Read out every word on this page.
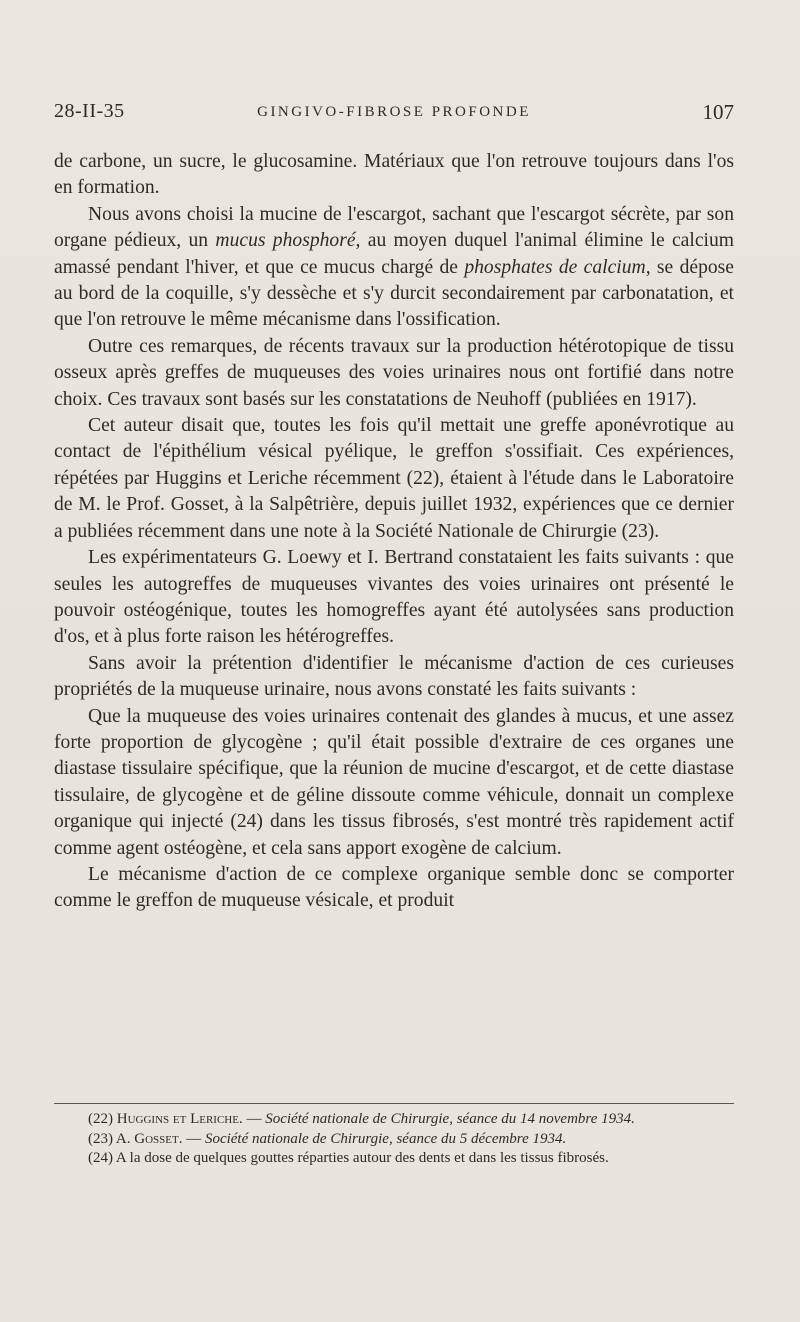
28-II-35	GINGIVO-FIBROSE PROFONDE	107

de carbone, un sucre, le glucosamine. Matériaux que l'on retrouve toujours dans l'os en formation.

Nous avons choisi la mucine de l'escargot, sachant que l'escargot sécrète, par son organe pédieux, un mucus phosphoré, au moyen duquel l'animal élimine le calcium amassé pendant l'hiver, et que ce mucus chargé de phosphates de calcium, se dépose au bord de la coquille, s'y dessèche et s'y durcit secondairement par carbonatation, et que l'on retrouve le même mécanisme dans l'ossification.

Outre ces remarques, de récents travaux sur la production hétérotopique de tissu osseux après greffes de muqueuses des voies urinaires nous ont fortifié dans notre choix. Ces travaux sont basés sur les constatations de Neuhoff (publiées en 1917).

Cet auteur disait que, toutes les fois qu'il mettait une greffe aponévrotique au contact de l'épithélium vésical pyélique, le greffon s'ossifiait. Ces expériences, répétées par Huggins et Leriche récemment (22), étaient à l'étude dans le Laboratoire de M. le Prof. Gosset, à la Salpêtrière, depuis juillet 1932, expériences que ce dernier a publiées récemment dans une note à la Société Nationale de Chirurgie (23).

Les expérimentateurs G. Loewy et I. Bertrand constataient les faits suivants : que seules les autogreffes de muqueuses vivantes des voies urinaires ont présenté le pouvoir ostéogénique, toutes les homogreffes ayant été autolysées sans production d'os, et à plus forte raison les hétérogreffes.

Sans avoir la prétention d'identifier le mécanisme d'action de ces curieuses propriétés de la muqueuse urinaire, nous avons constaté les faits suivants :

Que la muqueuse des voies urinaires contenait des glandes à mucus, et une assez forte proportion de glycogène ; qu'il était possible d'extraire de ces organes une diastase tissulaire spécifique, que la réunion de mucine d'escargot, et de cette diastase tissulaire, de glycogène et de géline dissoute comme véhicule, donnait un complexe organique qui injecté (24) dans les tissus fibrosés, s'est montré très rapidement actif comme agent ostéogène, et cela sans apport exogène de calcium.

Le mécanisme d'action de ce complexe organique semble donc se comporter comme le greffon de muqueuse vésicale, et produit

(22) Huggins et Leriche. — Société nationale de Chirurgie, séance du 14 novembre 1934.

(23) A. Gosset. — Société nationale de Chirurgie, séance du 5 décembre 1934.

(24) A la dose de quelques gouttes réparties autour des dents et dans les tissus fibrosés.
